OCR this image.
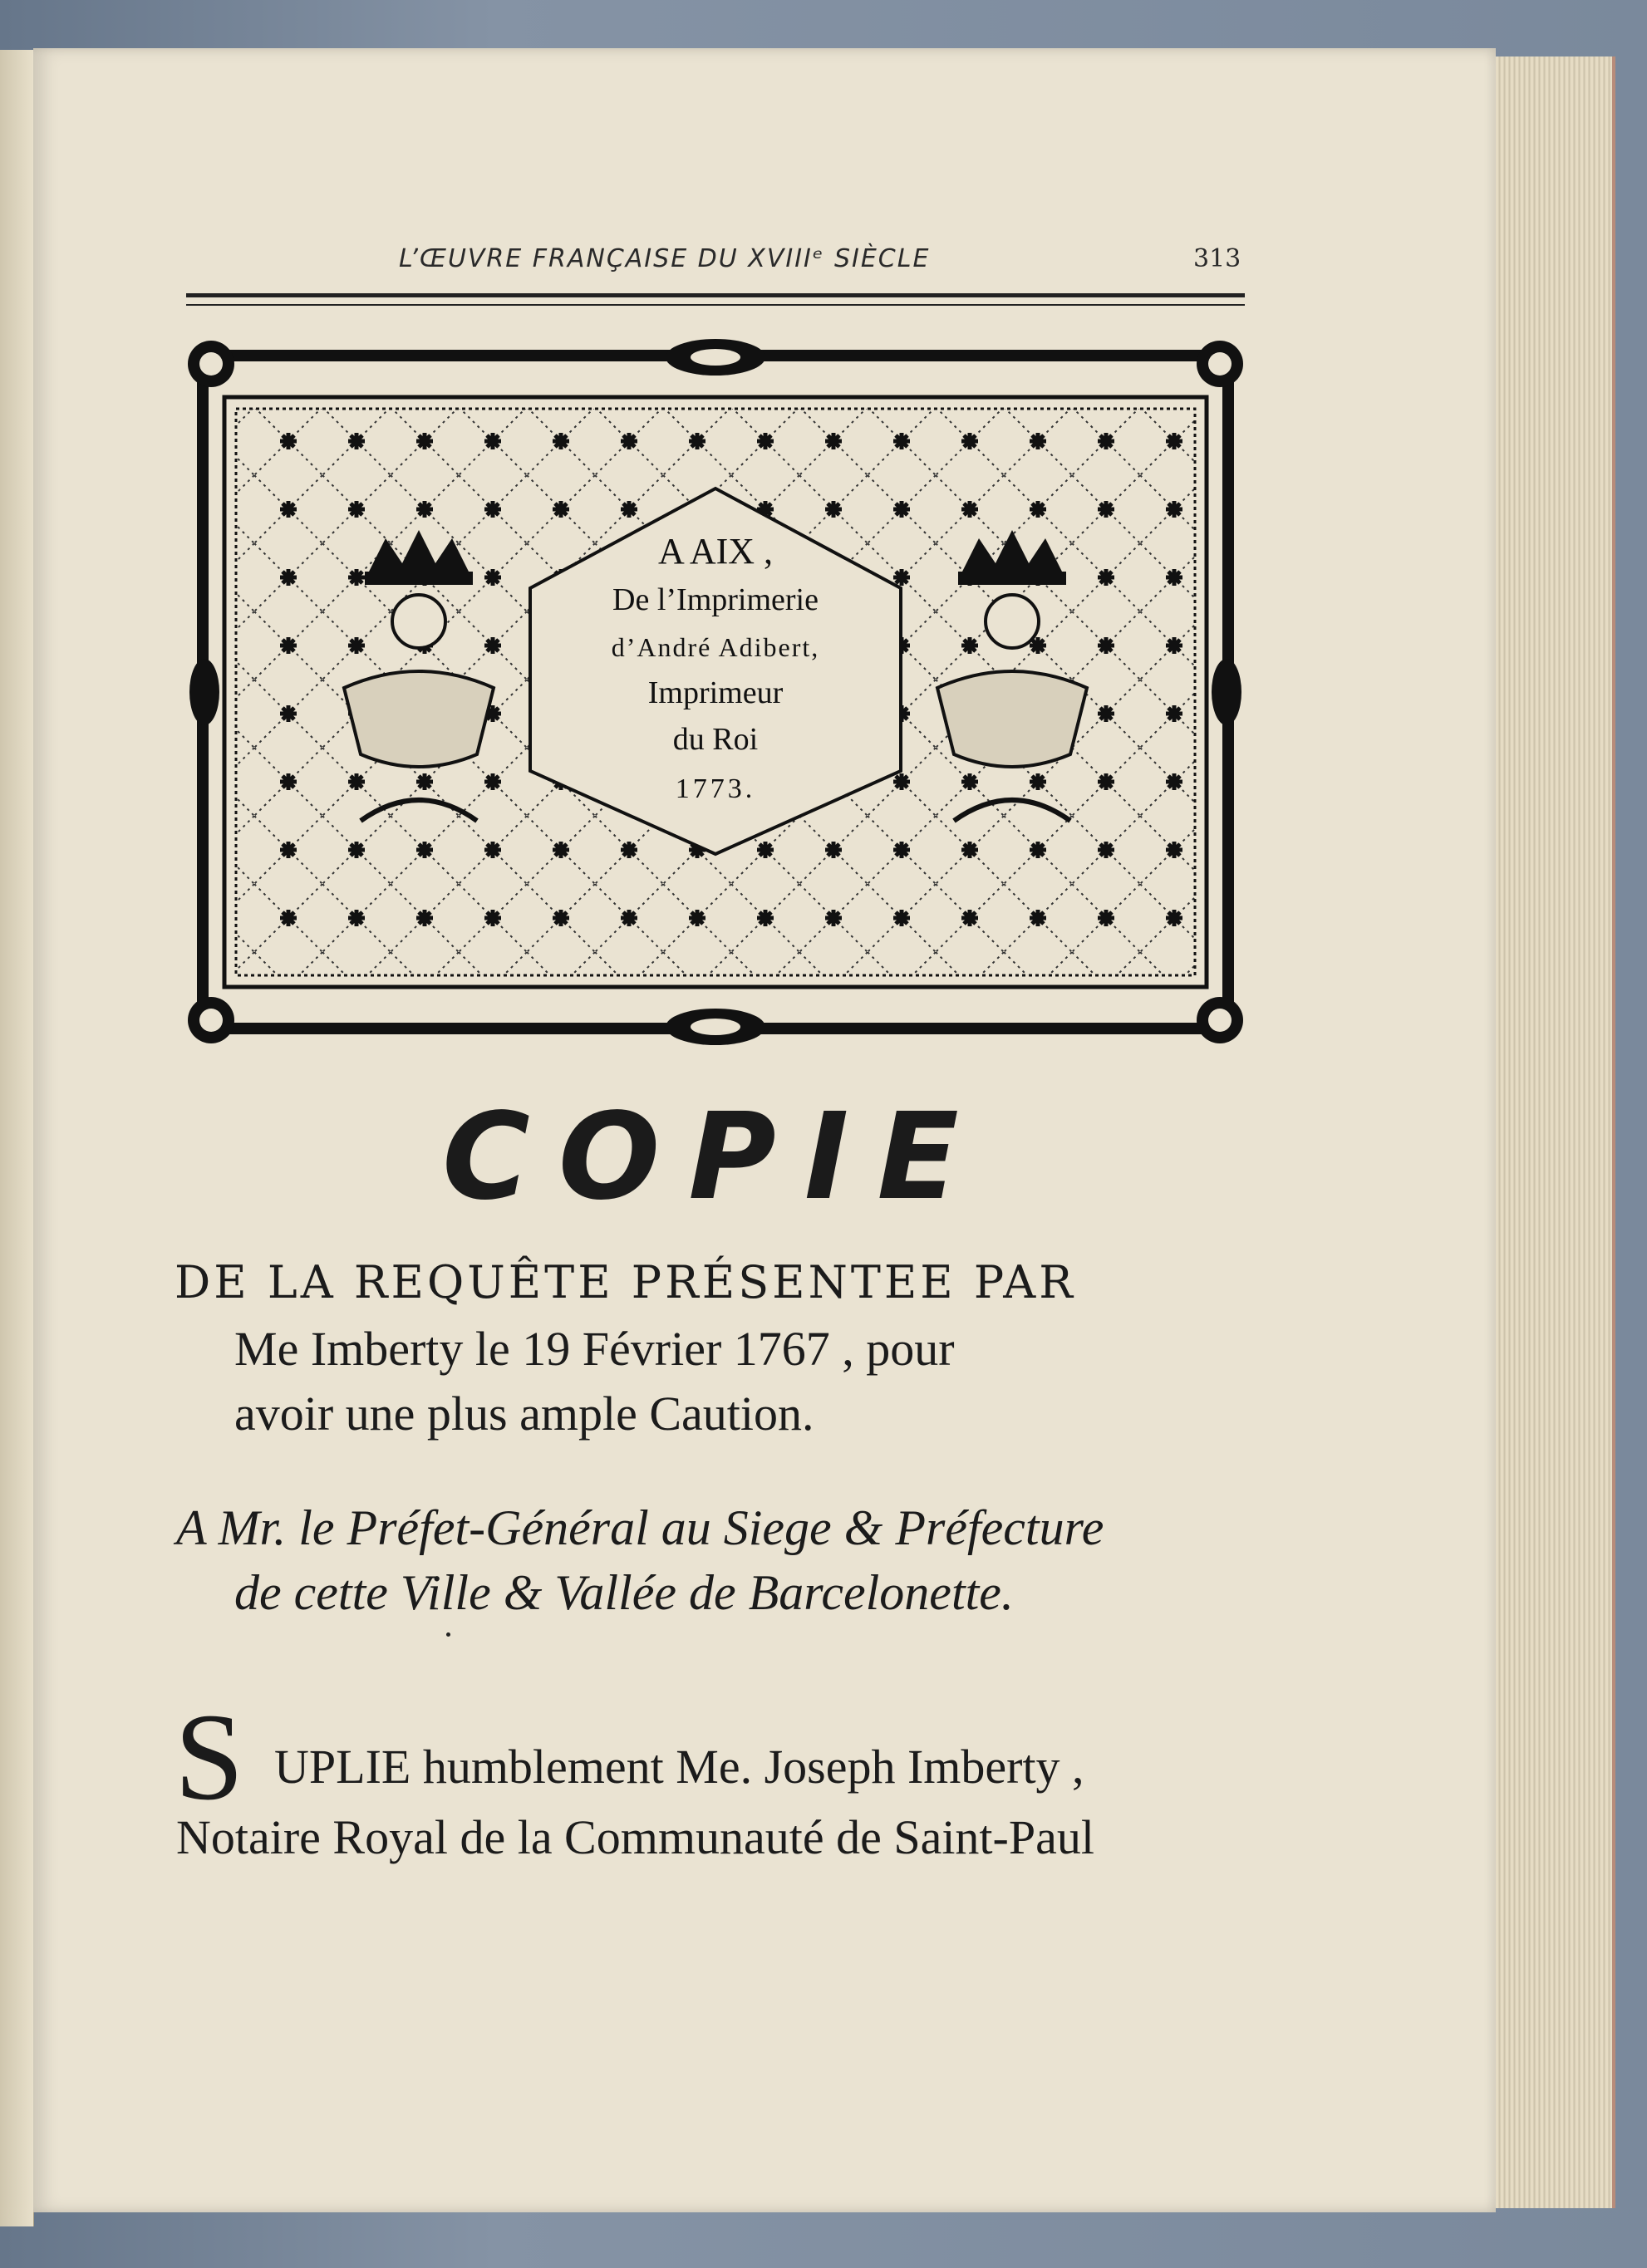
L’ŒUVRE FRANÇAISE DU XVIIIᵉ SIÈCLE	313
A AIX ,
De l’Imprimerie
d’André Adibert,
Imprimeur
du Roi
1773.
COPIE
DE LA REQUÊTE PRÉSENTEE PAR
Me Imberty le 19 Février 1767 , pour
avoir une plus ample Caution.
A Mr. le Préfet-Général au Siege & Préfecture
de cette Ville & Vallée de Barcelonette.
S UPLIE humblement Me. Joseph Imberty ,
Notaire Royal de la Communauté de Saint-Paul
